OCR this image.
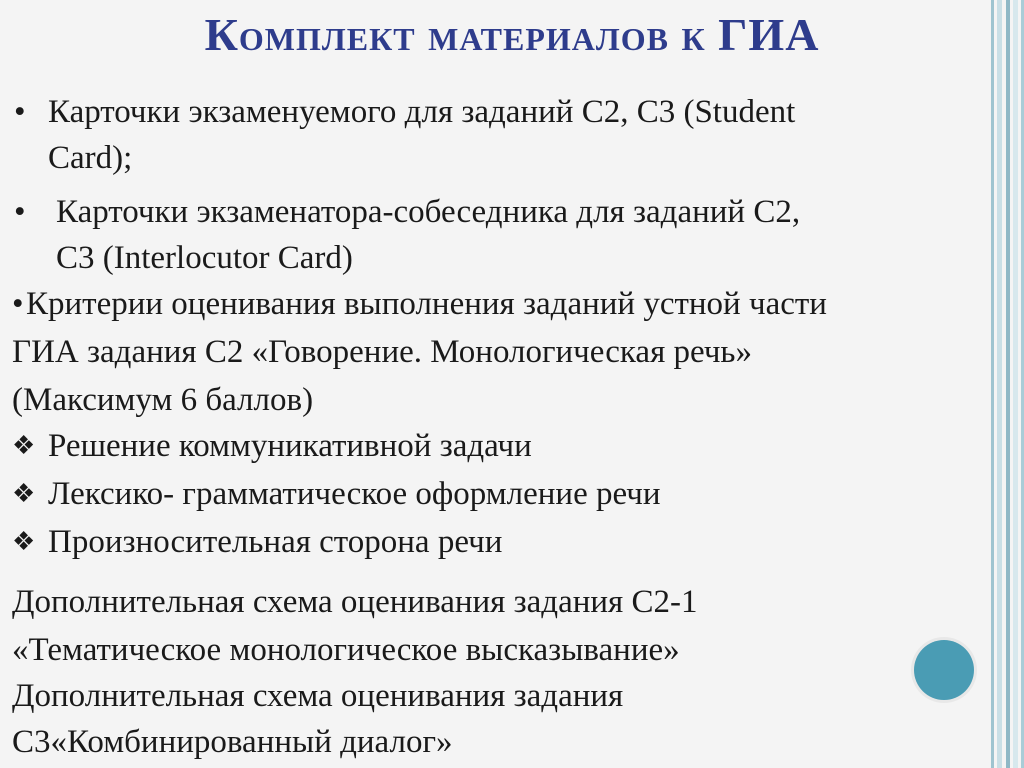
Комплект материалов к ГИА
• Карточки экзаменуемого для заданий С2, С3 (Student
Card);
• Карточки экзаменатора-собеседника для заданий С2,
С3 (Interlocutor Card)
• Критерии оценивания выполнения заданий устной части
ГИА задания С2 «Говорение. Монологическая речь»
(Максимум 6 баллов)
❖ Решение коммуникативной задачи
❖ Лексико- грамматическое оформление речи
❖ Произносительная сторона речи
Дополнительная схема оценивания задания С2-1
«Тематическое монологическое высказывание»
Дополнительная схема оценивания задания
С3«Комбинированный диалог»
